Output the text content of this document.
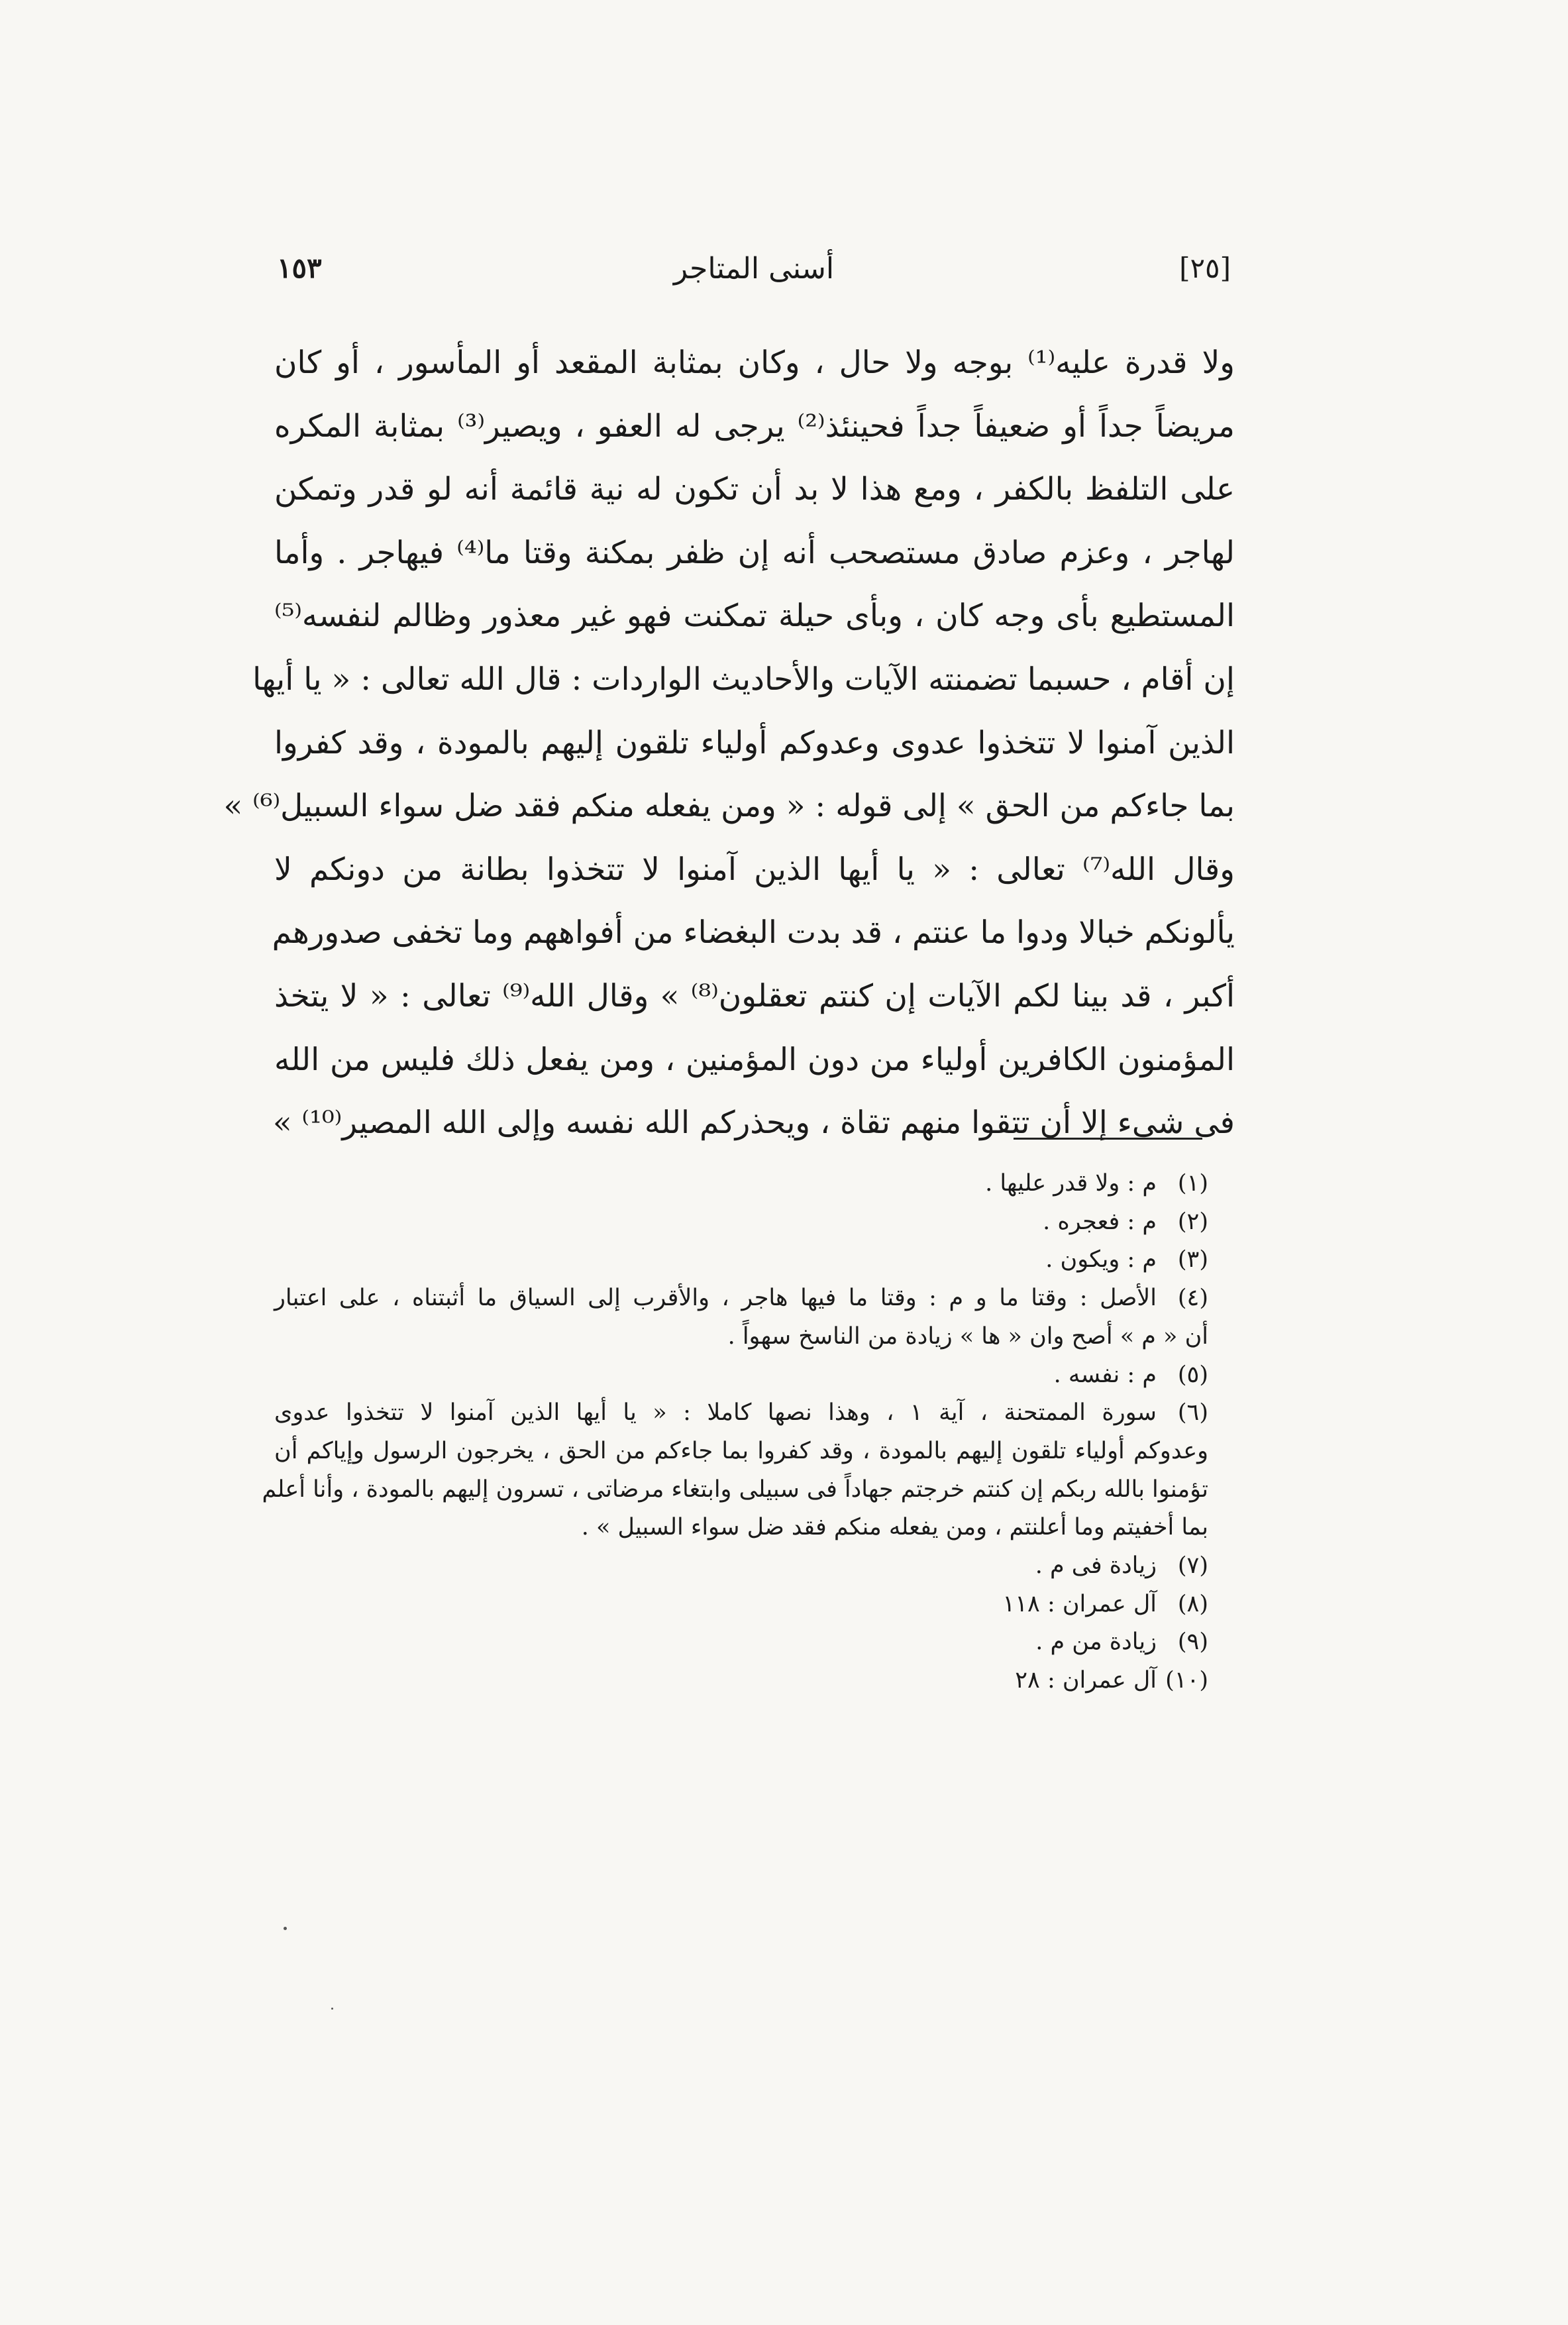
١٥٣	أسنى المتاجر	[٢٥]
ولا قدرة عليه⁽¹⁾ بوجه ولا حال ، وكان بمثابة المقعد أو المأسور ، أو كان
مريضاً جداً أو ضعيفاً جداً فحينئذ⁽²⁾ يرجى له العفو ، ويصير⁽³⁾ بمثابة المكره
على التلفظ بالكفر ، ومع هذا لا بد أن تكون له نية قائمة أنه لو قدر وتمكن
لهاجر ، وعزم صادق مستصحب أنه إن ظفر بمكنة وقتا ما⁽⁴⁾ فيهاجر . وأما
المستطيع بأى وجه كان ، وبأى حيلة تمكنت فهو غير معذور وظالم لنفسه⁽⁵⁾
إن أقام ، حسبما تضمنته الآيات والأحاديث الواردات : قال الله تعالى : « يا أيها
الذين آمنوا لا تتخذوا عدوى وعدوكم أولياء تلقون إليهم بالمودة ، وقد كفروا
بما جاءكم من الحق » إلى قوله : « ومن يفعله منكم فقد ضل سواء السبيل⁽⁶⁾ »
وقال الله⁽⁷⁾ تعالى : « يا أيها الذين آمنوا لا تتخذوا بطانة من دونكم لا
يألونكم خبالا ودوا ما عنتم ، قد بدت البغضاء من أفواههم وما تخفى صدورهم
أكبر ، قد بينا لكم الآيات إن كنتم تعقلون⁽⁸⁾ » وقال الله⁽⁹⁾ تعالى : « لا يتخذ
المؤمنون الكافرين أولياء من دون المؤمنين ، ومن يفعل ذلك فليس من الله
فى شىء إلا أن تتقوا منهم تقاة ، ويحذركم الله نفسه وإلى الله المصير⁽¹⁰⁾ »
(١)م : ولا قدر عليها .
(٢)م : فعجره .
(٣)م : ويكون .
(٤)الأصل : وقتا ما و م : وقتا ما فيها هاجر ، والأقرب إلى السياق ما أثبتناه ، على اعتبار
أن « م » أصح وان « ها » زيادة من الناسخ سهواً .
(٥)م : نفسه .
(٦)سورة الممتحنة ، آية ١ ، وهذا نصها كاملا : « يا أيها الذين آمنوا لا تتخذوا عدوى
وعدوكم أولياء تلقون إليهم بالمودة ، وقد كفروا بما جاءكم من الحق ، يخرجون الرسول وإياكم أن
تؤمنوا بالله ربكم إن كنتم خرجتم جهاداً فى سبيلى وابتغاء مرضاتى ، تسرون إليهم بالمودة ، وأنا أعلم
بما أخفيتم وما أعلنتم ، ومن يفعله منكم فقد ضل سواء السبيل » .
(٧)زيادة فى م .
(٨)آل عمران : ١١٨
(٩)زيادة من م .
(١٠)آل عمران : ٢٨
